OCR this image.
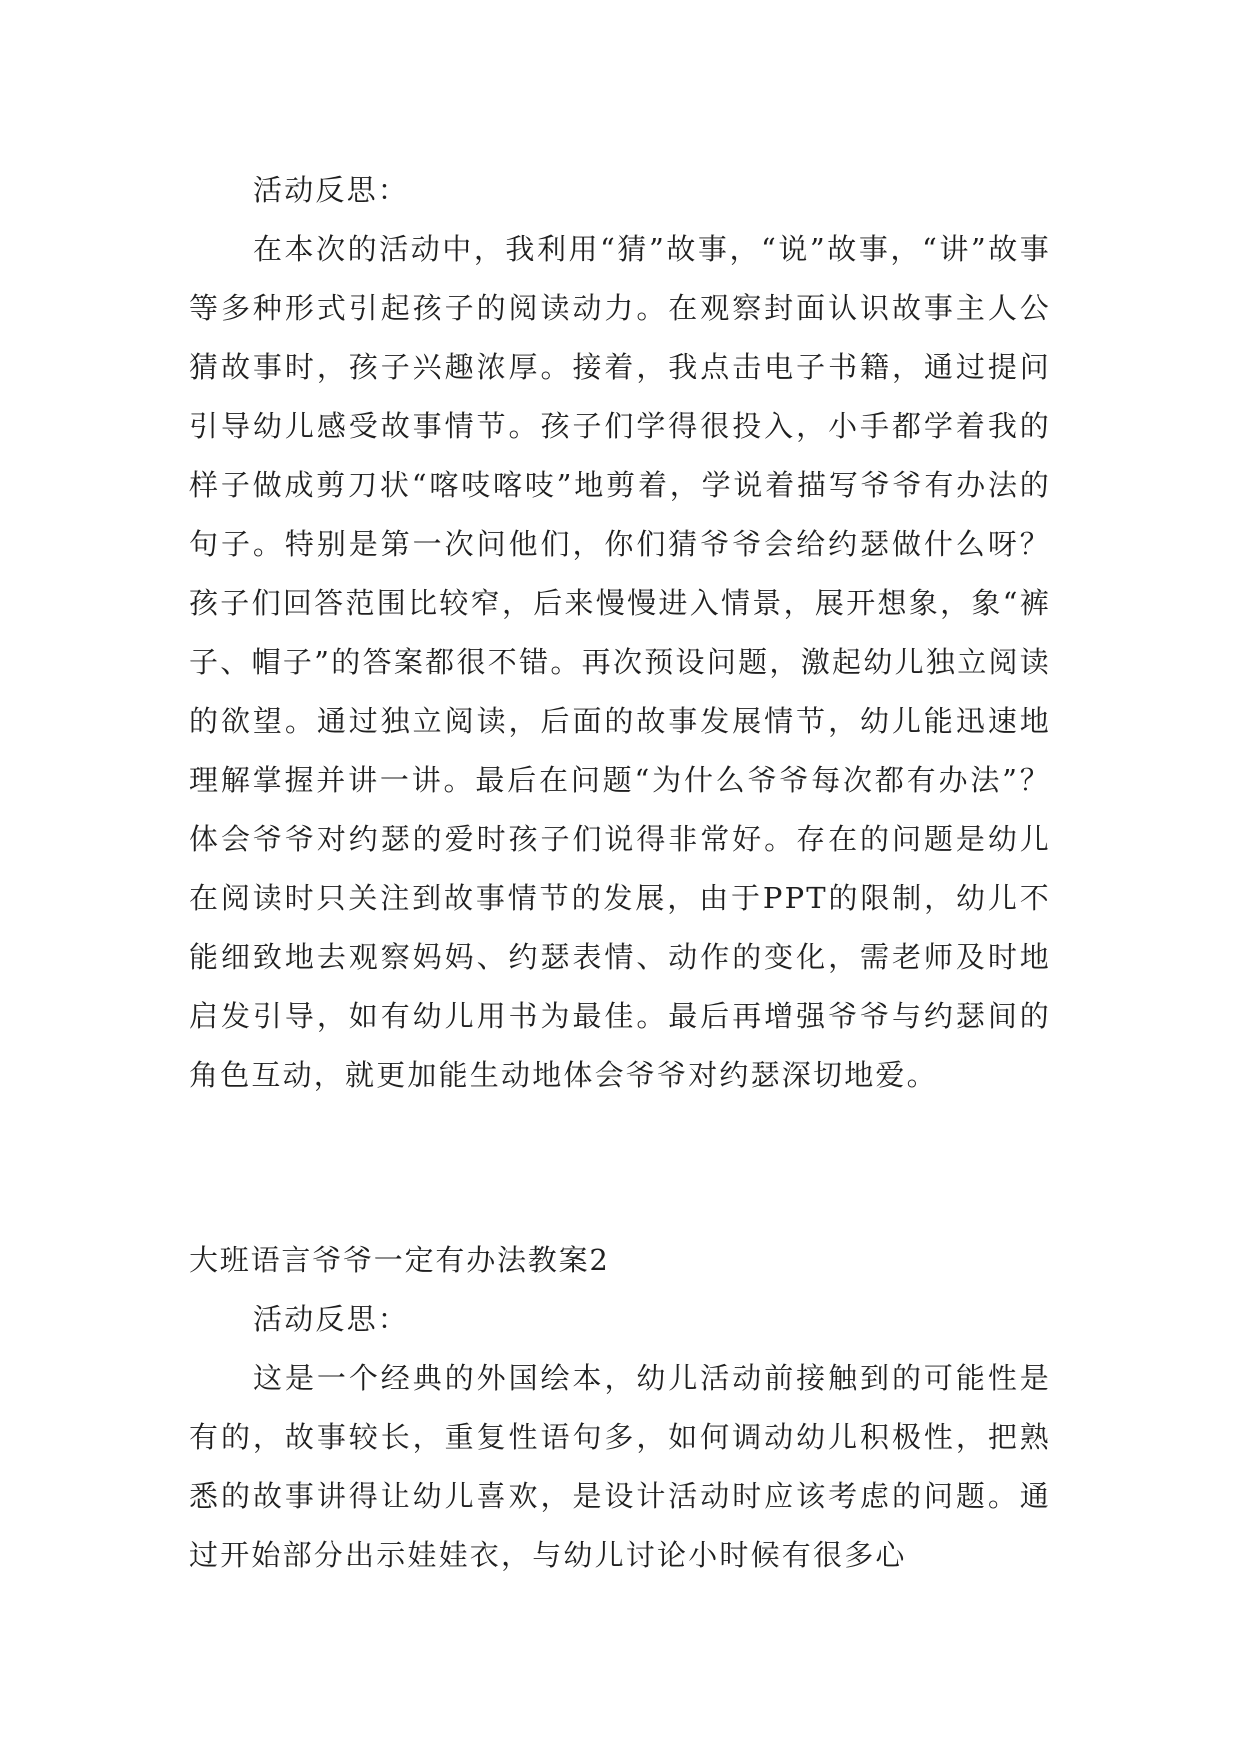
活动反思：

在本次的活动中，我利用“猜”故事，“说”故事，“讲”故事等多种形式引起孩子的阅读动力。在观察封面认识故事主人公猜故事时，孩子兴趣浓厚。接着，我点击电子书籍，通过提问引导幼儿感受故事情节。孩子们学得很投入，小手都学着我的样子做成剪刀状“喀吱喀吱”地剪着，学说着描写爷爷有办法的句子。特别是第一次问他们，你们猜爷爷会给约瑟做什么呀？孩子们回答范围比较窄，后来慢慢进入情景，展开想象，象“裤子、帽子”的答案都很不错。再次预设问题，激起幼儿独立阅读的欲望。通过独立阅读，后面的故事发展情节，幼儿能迅速地理解掌握并讲一讲。最后在问题“为什么爷爷每次都有办法”？体会爷爷对约瑟的爱时孩子们说得非常好。存在的问题是幼儿在阅读时只关注到故事情节的发展，由于PPT的限制，幼儿不能细致地去观察妈妈、约瑟表情、动作的变化，需老师及时地启发引导，如有幼儿用书为最佳。最后再增强爷爷与约瑟间的角色互动，就更加能生动地体会爷爷对约瑟深切地爱。

大班语言爷爷一定有办法教案2

活动反思：

这是一个经典的外国绘本，幼儿活动前接触到的可能性是有的，故事较长，重复性语句多，如何调动幼儿积极性，把熟悉的故事讲得让幼儿喜欢，是设计活动时应该考虑的问题。通过开始部分出示娃娃衣，与幼儿讨论小时候有很多心
